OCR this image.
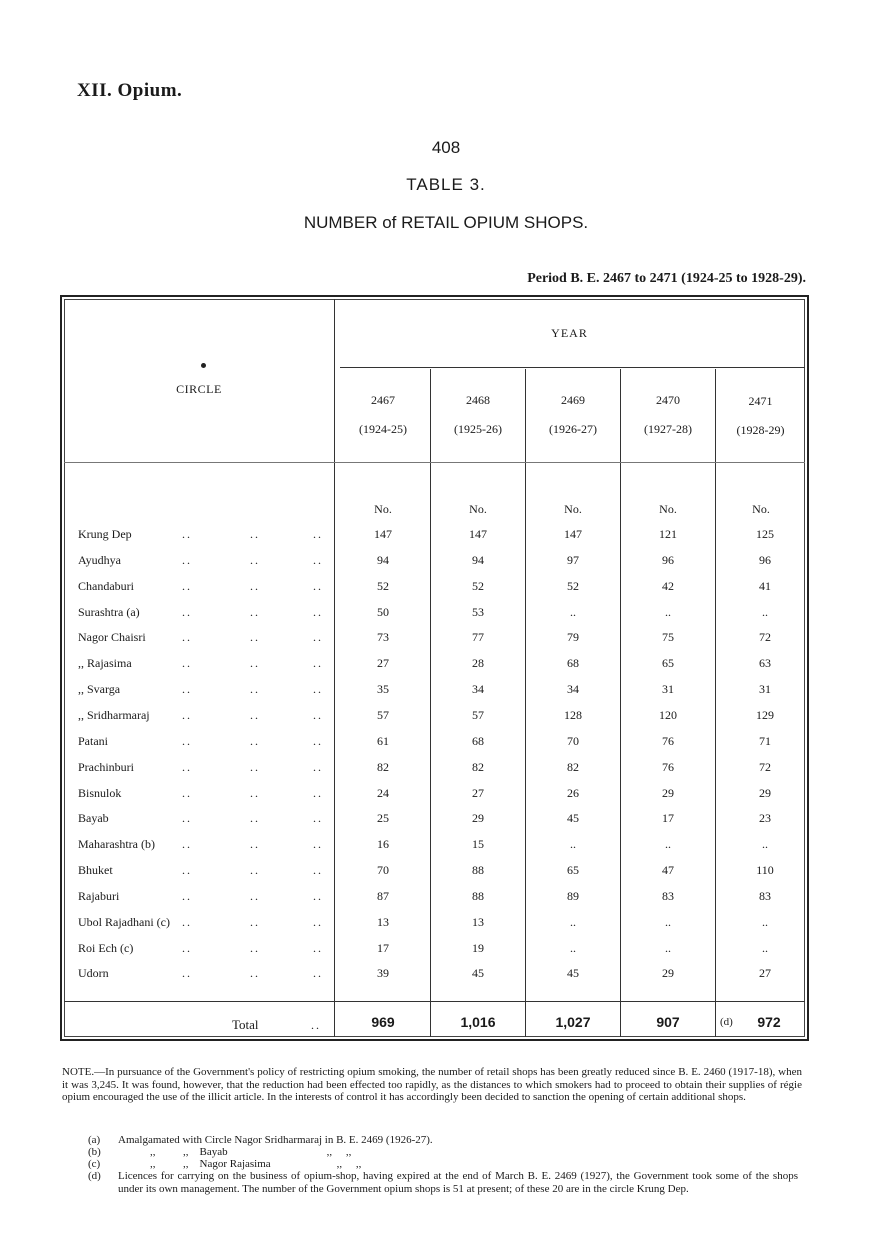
XII. Opium.
408
TABLE 3.
NUMBER of RETAIL OPIUM SHOPS.
Period B. E. 2467 to 2471 (1924-25 to 1928-29).
CIRCLE
YEAR
2467
(1924-25)
2468
(1925-26)
2469
(1926-27)
2470
(1927-28)
2471
(1928-29)
No.	No.	No.	No.	No.
Krung Dep	..	..	..	147	147	147	121	125
Ayudhya	..	..	..	94	94	97	96	96
Chandaburi	..	..	..	52	52	52	42	41
Surashtra (a)	..	..	..	50	53	..	..	..
Nagor Chaisri	..	..	..	73	77	79	75	72
,, Rajasima	..	..	..	27	28	68	65	63
,, Svarga	..	..	..	35	34	34	31	31
,, Sridharmaraj	..	..	..	57	57	128	120	129
Patani	..	..	..	61	68	70	76	71
Prachinburi	..	..	..	82	82	82	76	72
Bisnulok	..	..	..	24	27	26	29	29
Bayab	..	..	..	25	29	45	17	23
Maharashtra (b) ..	..	..	16	15	..	..	..
Bhuket	..	..	..	70	88	65	47	110
Rajaburi	..	..	..	87	88	89	83	83
Ubol Rajadhani (c) ..	..	..	13	13	..	..	..
Roi Ech (c)	..	..	..	17	19	..	..	..
Udorn	..	..	..	39	45	45	29	27
Total	..	969	1,016	1,027	907	(d)	972

NOTE.—In pursuance of the Government's policy of restricting opium smoking, the number of retail shops has been greatly reduced since B. E. 2460 (1917-18), when it was 3,245. It was found, however, that the reduction had been effected too rapidly, as the distances to which smokers had to proceed to obtain their supplies of régie opium encouraged the use of the illicit article. In the interests of control it has accordingly been decided to sanction the opening of certain additional shops.

(a) Amalgamated with Circle Nagor Sridharmaraj in B. E. 2469 (1926-27).
(b)	,,          ,,    Bayab                                    ,,     ,,
(c)	,,          ,,    Nagor Rajasima                        ,,     ,,
(d) Licences for carrying on the business of opium-shop, having expired at the end of March B. E. 2469 (1927), the Government took some of the shops under its own management. The number of the Government opium shops is 51 at present; of these 20 are in the circle Krung Dep.
